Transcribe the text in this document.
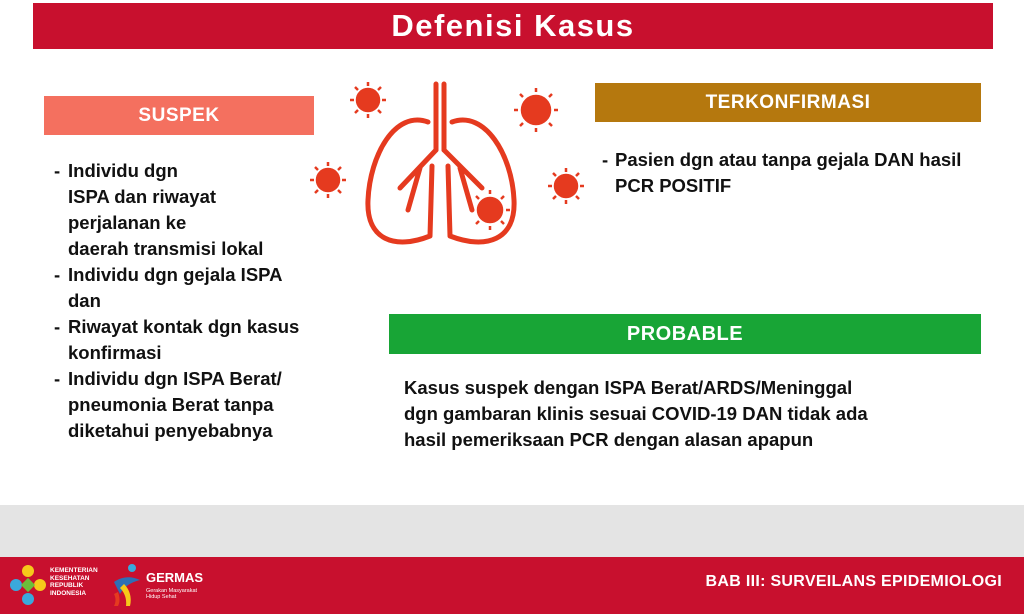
Defenisi Kasus
SUSPEK
- Individu dgn
ISPA dan riwayat
perjalanan ke
daerah transmisi lokal
- Individu dgn gejala ISPA
dan
- Riwayat kontak dgn kasus
konfirmasi
- Individu dgn ISPA Berat/
pneumonia Berat tanpa
diketahui penyebabnya
TERKONFIRMASI
- Pasien dgn atau tanpa gejala DAN hasil PCR POSITIF
PROBABLE
Kasus suspek dengan ISPA Berat/ARDS/Meninggal
dgn gambaran klinis sesuai COVID-19 DAN tidak ada
hasil pemeriksaan PCR dengan alasan apapun
KEMENTERIAN
KESEHATAN
REPUBLIK
INDONESIA
GERMAS
Gerakan Masyarakat Hidup Sehat
BAB III: SURVEILANS EPIDEMIOLOGI
